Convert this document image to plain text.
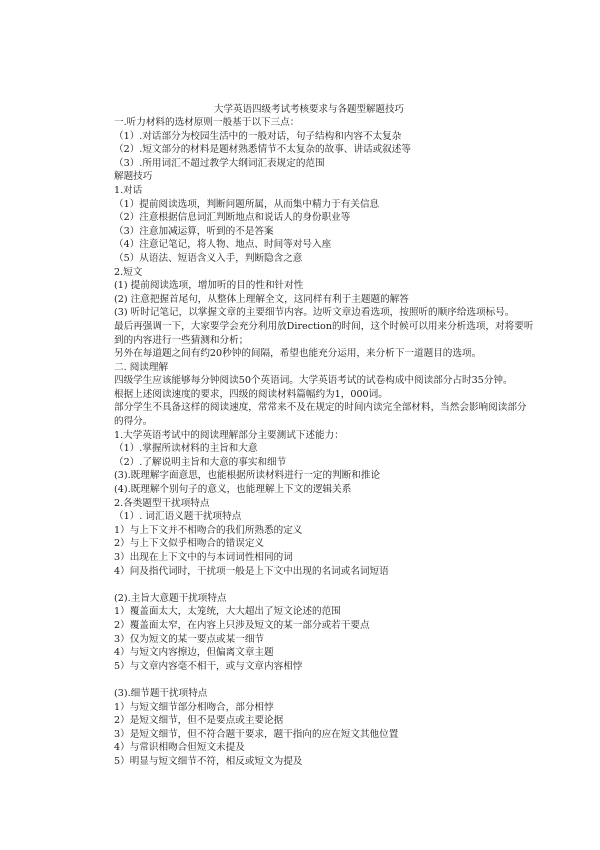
大学英语四级考试考核要求与各题型解题技巧
一.听力材料的选材原则一般基于以下三点：
（1）.对话部分为校园生活中的一般对话，句子结构和内容不太复杂
（2）.短文部分的材料是题材熟悉情节不太复杂的故事、讲话或叙述等
（3）.所用词汇不超过教学大纲词汇表规定的范围
解题技巧
1.对话
（1）提前阅读选项，判断问题所属，从而集中精力于有关信息
（2）注意根据信息词汇判断地点和说话人的身份职业等
（3）注意加减运算，听到的不是答案
（4）注意记笔记，将人物、地点、时间等对号入座
（5）从语法、短语含义入手，判断隐含之意
2.短文
(1) 提前阅读选项，增加听的目的性和针对性
(2) 注意把握首尾句，从整体上理解全文，这同样有利于主题题的解答
(3) 听时记笔记，以掌握文章的主要细节内容。边听文章边看选项，按照听的顺序给选项标号。
最后再强调一下，大家要学会充分利用放Direction的时间，这个时候可以用来分析选项，对将要听
到的内容进行一些猜测和分析；
另外在每道题之间有约20秒钟的间隔，希望也能充分运用，来分析下一道题目的选项。
二. 阅读理解
四级学生应该能够每分钟阅读50个英语词。大学英语考试的试卷构成中阅读部分占时35分钟。
根据上述阅读速度的要求，四级的阅读材料篇幅约为1，000词。
部分学生不具备这样的阅读速度，常常来不及在规定的时间内读完全部材料，当然会影响阅读部分
的得分。
1.大学英语考试中的阅读理解部分主要测试下述能力：
（1）.掌握所读材料的主旨和大意
（2）.了解说明主旨和大意的事实和细节
(3).既理解字面意思，也能根据所读材料进行一定的判断和推论
(4).既理解个别句子的意义，也能理解上下文的逻辑关系
2.各类题型干扰项特点
（1）. 词汇语义题干扰项特点
1）与上下文并不相吻合的我们所熟悉的定义
2）与上下文似乎相吻合的错误定义
3）出现在上下文中的与本词词性相同的词
4）问及指代词时，干扰项一般是上下文中出现的名词或名词短语
(2).主旨大意题干扰项特点
1）覆盖面太大，太笼统，大大超出了短文论述的范围
2）覆盖面太窄，在内容上只涉及短文的某一部分或若干要点
3）仅为短文的某一要点或某一细节
4）与短文内容擦边，但偏离文章主题
5）与文章内容毫不相干，或与文章内容相悖
(3).细节题干扰项特点
1）与短文细节部分相吻合，部分相悖
2）是短文细节，但不是要点或主要论据
3）是短文细节，但不符合题干要求，题干指向的应在短文其他位置
4）与常识相吻合但短文未提及
5）明显与短文细节不符，相反或短文为提及
